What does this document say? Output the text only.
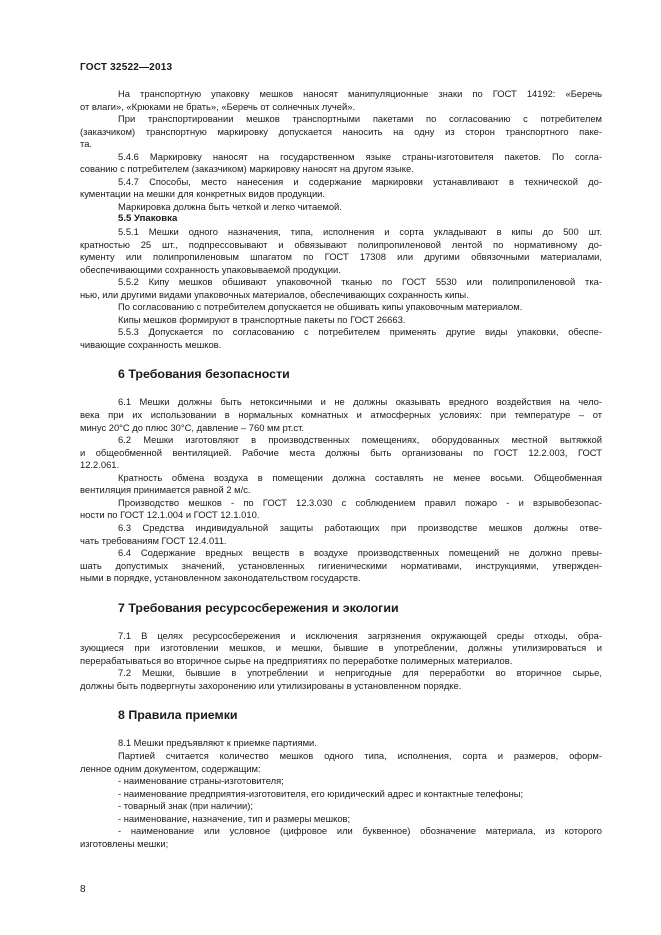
ГОСТ 32522—2013
На транспортную упаковку мешков наносят манипуляционные знаки по ГОСТ 14192: «Беречь
от влаги», «Крюками не брать», «Беречь от солнечных лучей».
При транспортировании мешков транспортными пакетами по согласованию с потребителем
(заказчиком) транспортную маркировку допускается наносить на одну из сторон транспортного паке-
та.
5.4.6 Маркировку наносят на государственном языке страны-изготовителя пакетов. По согла-
сованию с потребителем (заказчиком) маркировку наносят на другом языке.
5.4.7 Способы, место нанесения и содержание маркировки устанавливают в технической до-
кументации на мешки для конкретных видов продукции.
Маркировка должна быть четкой и легко читаемой.
5.5 Упаковка
5.5.1 Мешки одного назначения, типа, исполнения и сорта укладывают в кипы до 500 шт.
кратностью 25 шт., подпрессовывают и обвязывают полипропиленовой лентой по нормативному до-
кументу или полипропиленовым шпагатом по ГОСТ 17308 или другими обвязочными материалами,
обеспечивающими сохранность упаковываемой продукции.
5.5.2 Кипу мешков обшивают упаковочной тканью по ГОСТ 5530 или полипропиленовой тка-
нью, или другими видами упаковочных материалов, обеспечивающих сохранность кипы.
По согласованию с потребителем допускается не обшивать кипы упаковочным материалом.
Кипы мешков формируют в транспортные пакеты по ГОСТ 26663.
5.5.3 Допускается по согласованию с потребителем применять другие виды упаковки, обеспе-
чивающие сохранность мешков.
6 Требования безопасности
6.1 Мешки должны быть нетоксичными и не должны оказывать вредного воздействия на чело-
века при их использовании в нормальных комнатных и атмосферных условиях: при температуре – от
минус 20°С до плюс 30°С, давление – 760 мм рт.ст.
6.2 Мешки изготовляют в производственных помещениях, оборудованных местной вытяжкой
и общеобменной вентиляцией. Рабочие места должны быть организованы по ГОСТ 12.2.003, ГОСТ
12.2.061.
Кратность обмена воздуха в помещении должна составлять не менее восьми. Общеобменная
вентиляция принимается равной 2 м/с.
Производство мешков - по ГОСТ 12.3.030 с соблюдением правил пожаро - и взрывобезопас-
ности по ГОСТ 12.1.004 и ГОСТ 12.1.010.
6.3 Средства индивидуальной защиты работающих при производстве мешков должны отве-
чать требованиям ГОСТ 12.4.011.
6.4 Содержание вредных веществ в воздухе производственных помещений не должно превы-
шать допустимых значений, установленных гигиеническими нормативами, инструкциями, утвержден-
ными в порядке, установленном законодательством государств.
7 Требования ресурсосбережения и экологии
7.1 В целях ресурсосбережения и исключения загрязнения окружающей среды отходы, обра-
зующиеся при изготовлении мешков, и мешки, бывшие в употреблении, должны утилизироваться и
перерабатываться во вторичное сырье на предприятиях по переработке полимерных материалов.
7.2 Мешки, бывшие в употреблении и непригодные для переработки во вторичное сырье,
должны быть подвергнуты захоронению или утилизированы в установленном порядке.
8 Правила приемки
8.1 Мешки предъявляют к приемке партиями.
Партией считается количество мешков одного типа, исполнения, сорта и размеров, оформ-
ленное одним документом, содержащим:
- наименование страны-изготовителя;
- наименование предприятия-изготовителя, его юридический адрес и контактные телефоны;
- товарный знак (при наличии);
- наименование, назначение, тип и размеры мешков;
- наименование или условное (цифровое или буквенное) обозначение материала, из которого
изготовлены мешки;
8
